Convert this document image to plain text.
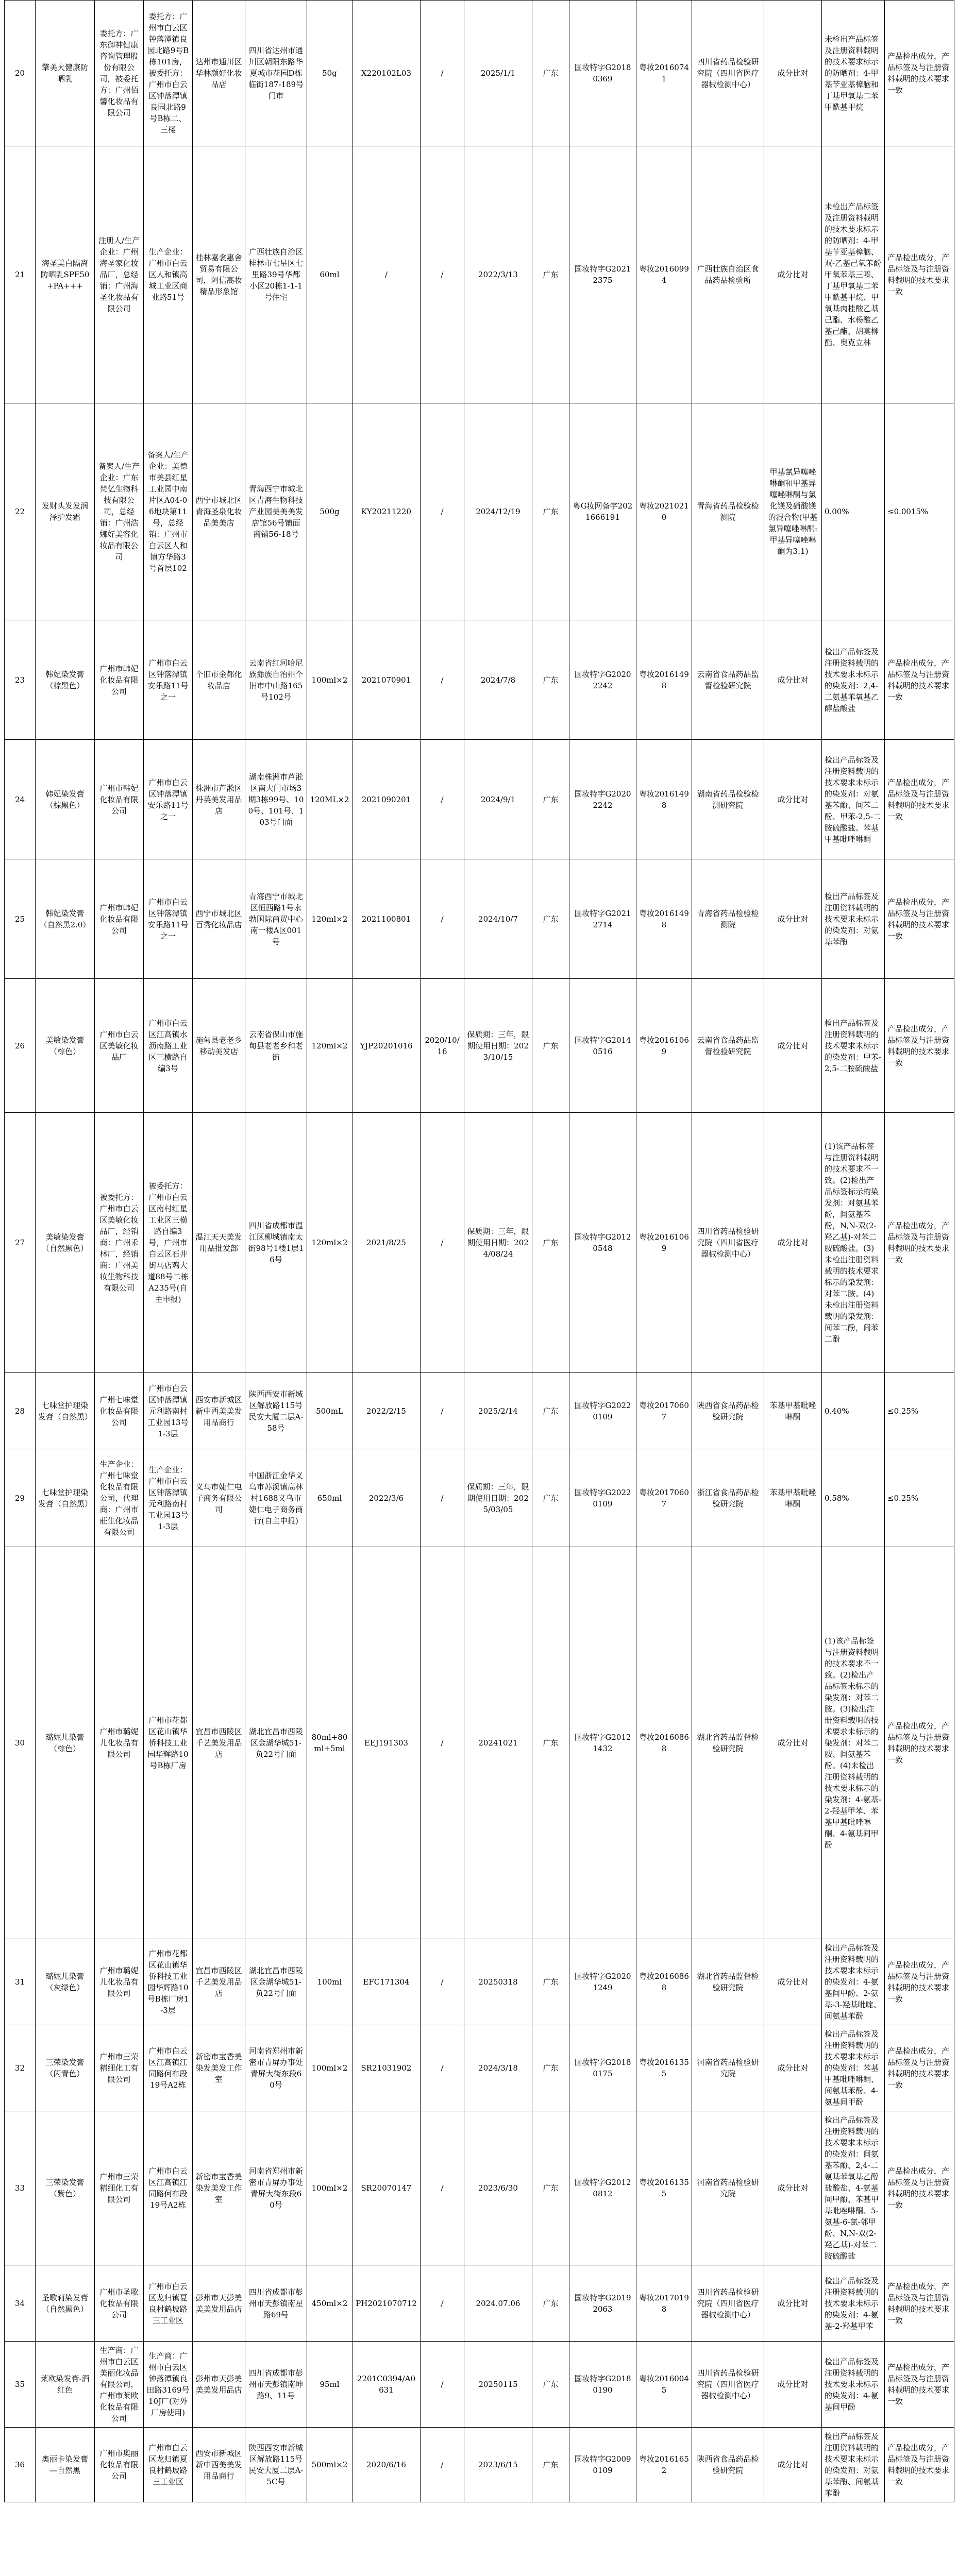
20	擎美大健康防晒乳	委托方：广东御神健康咨询管理股份有限公司，被委托方：广州佰馨化妆品有限公司	委托方：广州市白云区钟落潭镇良园北路9号B栋101房，被委托方：广州市白云区钟落潭镇良园北路9号B栋二、三楼	达州市通川区华林颜好化妆品店	四川省达州市通川区朝阳东路华夏城市花园D栋临街187-189号门市	50g	X220102L03	/	2025/1/1	广东	国妆特字G20180369	粤妆20160741	四川省药品检验研究院（四川省医疗器械检测中心）	成分比对	未检出产品标签及注册资料载明的技术要求标示的防晒剂：4-甲基苄亚基樟脑和丁基甲氧基二苯甲酰基甲烷	产品检出成分，产品标签及与注册资料载明的技术要求一致
21	海圣美白隔离防晒乳SPF50+PA+++	注册人/生产企业：广州海圣家化妆品厂，总经销：广州海圣化妆品有限公司	生产企业：广州市白云区人和镇高城工业区商业路51号	桂林嘉衾惠舍贸易有限公司，阿信高妆精品形象馆	广西壮族自治区桂林市七星区七里路39号华都小区20栋1-1-1号住宅	60ml	/	/	2022/3/13	广东	国妆特字G20212375	粤妆20160994	广西壮族自治区食品药品检验所	成分比对	未检出产品标签及注册资料载明的技术要求标示的防晒剂：4-甲基苄亚基樟脑、双-乙基己氧苯酚甲氧苯基三嗪、丁基甲氧基二苯甲酰基甲烷、甲氧基肉桂酸乙基己酯、水杨酸乙基己酯、胡莫柳酯、奥克立林	产品检出成分，产品标签及与注册资料载明的技术要求一致
22	发财头发发润泽护发霜	备案人/生产企业：广东梵亿生物科技有限公司，总经销：广州浩娜好美容化妆品有限公司	备案人/生产企业：美德市美县红星工业园中南片区A04-06地块第11号，总经销：广州市白云区人和镇方华路3号首层102	西宁市城北区青海圣泉化妆品美美店	青海西宁市城北区青海生物科技产业园美美美发店馆56号铺面商铺56-18号	500g	KY20211220	/	2024/12/19	广东	粤G妆网备字2021666191	粤妆20210210	青海省药品检验检测院	甲基氯异噻唑啉酮和甲基异噻唑啉酮与氯化镁及硝酸镁的混合物(甲基氯异噻唑啉酮:甲基异噻唑啉酮为3:1)	0.00%	≤0.0015%
23	韩妃染发膏（棕黑色）	广州市韩妃化妆品有限公司	广州市白云区钟落潭镇安乐路11号之一	个旧市金都化妆品店	云南省红河哈尼族彝族自治州个旧市中山路165号102号	100ml×2	2021070901	/	2024/7/8	广东	国妆特字G20202242	粤妆20161498	云南省食品药品监督检验研究院	成分比对	检出产品标签及注册资料载明的技术要求未标示的染发剂：2,4-二氨基苯氧基乙醇盐酸盐	产品检出成分，产品标签及与注册资料载明的技术要求一致
24	韩妃染发膏（棕黑色）	广州市韩妃化妆品有限公司	广州市白云区钟落潭镇安乐路11号之一	株洲市芦淞区丹英美发用品店	湖南株洲市芦淞区南大门市场3期3栋99号、100号、101号、103号门面	120ML×2	2021090201	/	2024/9/1	广东	国妆特字G20202242	粤妆20161498	湖南省药品检验检测研究院	成分比对	检出产品标签及注册资料载明的技术要求未标示的染发剂：对氨基苯酚、间苯二酚、甲苯-2,5-二胺硫酸盐、苯基甲基吡唑啉酮	产品检出成分，产品标签及与注册资料载明的技术要求一致
25	韩妃染发膏（自然黑2.0）	广州市韩妃化妆品有限公司	广州市白云区钟落潭镇安乐路11号之一	西宁市城北区百秀化妆品店	青海西宁市城北区恒西路1号永勃国际商贸中心南一楼A区001号	120ml×2	2021100801	/	2024/10/7	广东	国妆特字G20212714	粤妆20161498	青海省药品检验检测院	成分比对	检出产品标签及注册资料载明的技术要求未标示的染发剂：对氨基苯酚	产品检出成分，产品标签及与注册资料载明的技术要求一致
26	美敏染发膏（棕色）	广州市白云区美敏化妆品厂	广州市白云区江高镇水沥南路工业区三横路自编3号	施甸县老老乡移动美发店	云南省保山市施甸县老老乡和老街	120ml×2	YJP20201016	2020/10/16	保质期：三年，限期使用日期：2023/10/15	广东	国妆特字G20140516	粤妆20161069	云南省食品药品监督检验研究院	成分比对	检出产品标签及注册资料载明的技术要求未标示的染发剂：甲苯-2,5-二胺硫酸盐	产品检出成分，产品标签及与注册资料载明的技术要求一致
27	美敏染发膏（自然黑色）	被委托方：广州市白云区美敏化妆品厂，经销商：广州禾林厂，经销商：广州美妆生物科技有限公司	被委托方：广州市白云区南村红星工业区三横路自编3号，广州市白云区石井街马店鸡大道88号二栋A235号(自主申报)	温江天天美发用品批发部	四川省成都市温江区柳城镇南太街98号1楼1层16号	120ml×2	2021/8/25	/	保质期：三年，限期使用日期：2024/08/24	广东	国妆特字G20120548	粤妆20161069	四川省药品检验研究院（四川省医疗器械检测中心）	成分比对	(1)该产品标签与注册资料载明的技术要求不一致。(2)检出产品标签标示的染发剂：对氨基苯酚，间氨基苯酚，N,N-双(2-羟乙基)-对苯二胺硫酸盐。(3)未检出注册资料载明的技术要求标示的染发剂：对苯二胺。(4)未检出注册资料载明的染发剂：间苯二酚，间苯二酚	产品检出成分，产品标签及与注册资料载明的技术要求一致
28	七味堂护理染发膏（自然黑）	广州七味堂化妆品有限公司	广州市白云区钟落潭镇元利路南村工业园13号1-3层	西安市新城区新中西美美发用品商行	陕西西安市新城区解放路115号民安大厦二层A-58号	500mL	2022/2/15	/	2025/2/14	广东	国妆特字G20220109	粤妆20170607	陕西省食品药品检验研究院	苯基甲基吡唑啉酮	0.40%	≤0.25%
29	七味堂护理染发膏（自然黑）	生产企业：广州七味堂化妆品有限公司，代理商：广州市莊生化妆品有限公司	生产企业：广州市白云区钟落潭镇元利路南村工业园13号1-3层	义乌市婕仁电子商务有限公司	中国浙江金华义乌市苏溪镇高林村1688义乌市婕仁电子商务商行(自主申报)	650ml	2022/3/6	/	保质期：三年，限期使用日期：2025/03/05	广东	国妆特字G20220109	粤妆20170607	浙江省食品药品检验研究院	苯基甲基吡唑啉酮	0.58%	≤0.25%
30	璐妮儿染膏（棕色）	广州市璐妮儿化妆品有限公司	广州市花都区花山镇华侨科技工业园华辉路10号B栋厂房	宜昌市西陵区千艺美发用品店	湖北宜昌市西陵区金湖华城51-负22号门面	80ml+80ml+5ml	EEJ191303	/	20241021	广东	国妆特字G20121432	粤妆20160868	湖北省药品监督检验研究院	成分比对	(1)该产品标签与注册资料载明的技术要求不一致。(2)检出产品标签未标示的染发剂：对苯二胺。(3)检出注册资料载明的技术要求未标示的染发剂：对苯二胺、间氨基苯酚。(4)未检出注册资料载明的技术要求标示的染发剂：4-氨基-2-羟基甲苯、苯基甲基吡唑啉酮、4-氨基间甲酚	产品检出成分，产品标签及与注册资料载明的技术要求一致
31	璐妮儿染膏（灰绿色）	广州市璐妮儿化妆品有限公司	广州市花都区花山镇华侨科技工业园华辉路10号B栋厂房1-3层	宜昌市西陵区千艺美发用品店	湖北宜昌市西陵区金湖华城51-负22号门面	100ml	EFC171304	/	20250318	广东	国妆特字G20201249	粤妆20160868	湖北省药品监督检验研究院	成分比对	检出产品标签及注册资料载明的技术要求未标示的染发剂：4-氨基间甲酚、2-氨基-3-羟基吡啶、间氨基苯酚	产品检出成分，产品标签及与注册资料载明的技术要求一致
32	三荣染发膏（闪青色）	广州市三荣精细化工有限公司	广州市白云区江高镇江同路何布段19号A2栋	新密市宝香美染发美发工作室	河南省郑州市新密市青屏办事处青屏大街东段60号	100ml×2	SR21031902	/	2024/3/18	广东	国妆特字G20180175	粤妆20161355	河南省药品检验研究院	成分比对	检出产品标签及注册资料载明的技术要求未标示的染发剂：苯基甲基吡唑啉酮、间氨基苯酚、4-氨基间甲酚	产品检出成分，产品标签及与注册资料载明的技术要求一致
33	三荣染发膏（紫色）	广州市三荣精细化工有限公司	广州市白云区江高镇江同路何布段19号A2栋	新密市宝香美染发美发工作室	河南省郑州市新密市青屏办事处青屏大街东段60号	100ml×2	SR20070147	/	2023/6/30	广东	国妆特字G20120812	粤妆20161355	河南省药品检验研究院	成分比对	检出产品标签及注册资料载明的技术要求未标示的染发剂：间氨基苯酚、2,4-二氨基苯氧基乙醇盐酸盐、4-氨基间甲酚、苯基甲基吡唑啉酮、5-氨基-6-氯-邻甲酚、N,N-双(2-羟乙基)-对苯二胺硫酸盐	产品检出成分，产品标签及与注册资料载明的技术要求一致
34	圣歌莉染发膏（自然黑色）	广州市圣歌化妆品有限公司	广州市白云区龙归镇夏良村鹤坡路三工业区	彭州市天彭美美美发用品店	四川省成都市彭州市天彭镇南星路69号	450ml×2	PH2021070712	/	2024.07.06	广东	国妆特字G20192063	粤妆20170198	四川省药品检验研究院（四川省医疗器械检测中心）	成分比对	检出产品标签及注册资料载明的技术要求未标示的染发剂：4-氨基-2-羟基甲苯	产品检出成分，产品标签及与注册资料载明的技术要求一致
35	莱欧染发膏-酒红色	生产商：广州市白云区美丽化妆品有限公司，广州市莱欧化妆品有限公司	生产商：广州市白云区钟落潭镇良田路3169号10J厂(对外厂房使用)	彭州市天彭美美美发用品店	四川省成都市彭州市天彭镇南坤路9、11号	95ml	2201C0394/A0631	/	20250115	广东	国妆特字G20180190	粤妆20160045	四川省药品检验研究院（四川省医疗器械检测中心）	成分比对	检出产品标签及注册资料载明的技术要求未标示的染发剂：4-氨基间甲酚	产品检出成分，产品标签及与注册资料载明的技术要求一致
36	奥丽卡染发膏—自然黑	广州市奥丽化妆品有限公司	广州市白云区龙归镇夏良村鹤坡路三工业区	西安市新城区新中西美美发用品商行	陕西西安市新城区解放路115号民安大厦二层A-5C号	500ml×2	2020/6/16	/	2023/6/15	广东	国妆特字G20090109	粤妆20161652	陕西省食品药品检验研究院	成分比对	检出产品标签及注册资料载明的技术要求未标示的染发剂：对氨基苯酚、间氨基苯酚	产品检出成分，产品标签及与注册资料载明的技术要求一致
